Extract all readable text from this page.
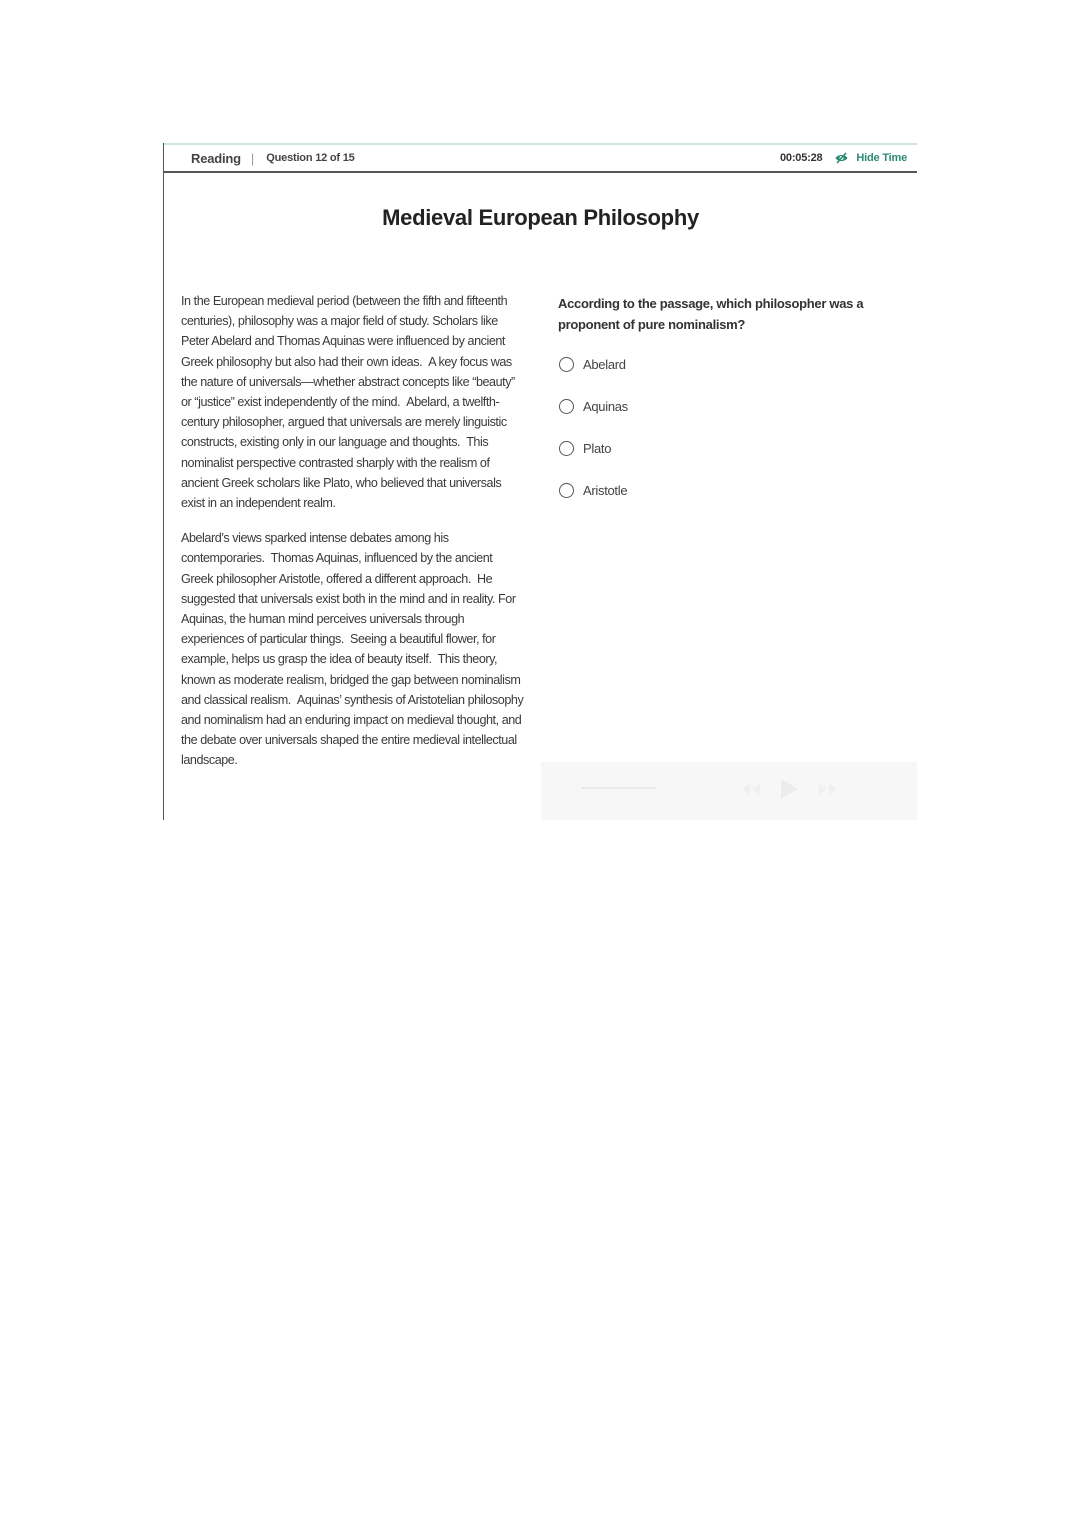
Reading | Question 12 of 15	00:05:28	Hide Time
Medieval European Philosophy

In the European medieval period (between the fifth and fifteenth centuries), philosophy was a major field of study. Scholars like Peter Abelard and Thomas Aquinas were influenced by ancient Greek philosophy but also had their own ideas.  A key focus was the nature of universals—whether abstract concepts like “beauty” or “justice” exist independently of the mind.  Abelard, a twelfth-century philosopher, argued that universals are merely linguistic constructs, existing only in our language and thoughts.  This nominalist perspective contrasted sharply with the realism of ancient Greek scholars like Plato, who believed that universals exist in an independent realm.

Abelard’s views sparked intense debates among his contemporaries.  Thomas Aquinas, influenced by the ancient Greek philosopher Aristotle, offered a different approach.  He suggested that universals exist both in the mind and in reality. For Aquinas, the human mind perceives universals through experiences of particular things.  Seeing a beautiful flower, for example, helps us grasp the idea of beauty itself.  This theory, known as moderate realism, bridged the gap between nominalism and classical realism.  Aquinas’ synthesis of Aristotelian philosophy and nominalism had an enduring impact on medieval thought, and the debate over universals shaped the entire medieval intellectual landscape.

According to the passage, which philosopher was a proponent of pure nominalism?
Abelard
Aquinas
Plato
Aristotle
